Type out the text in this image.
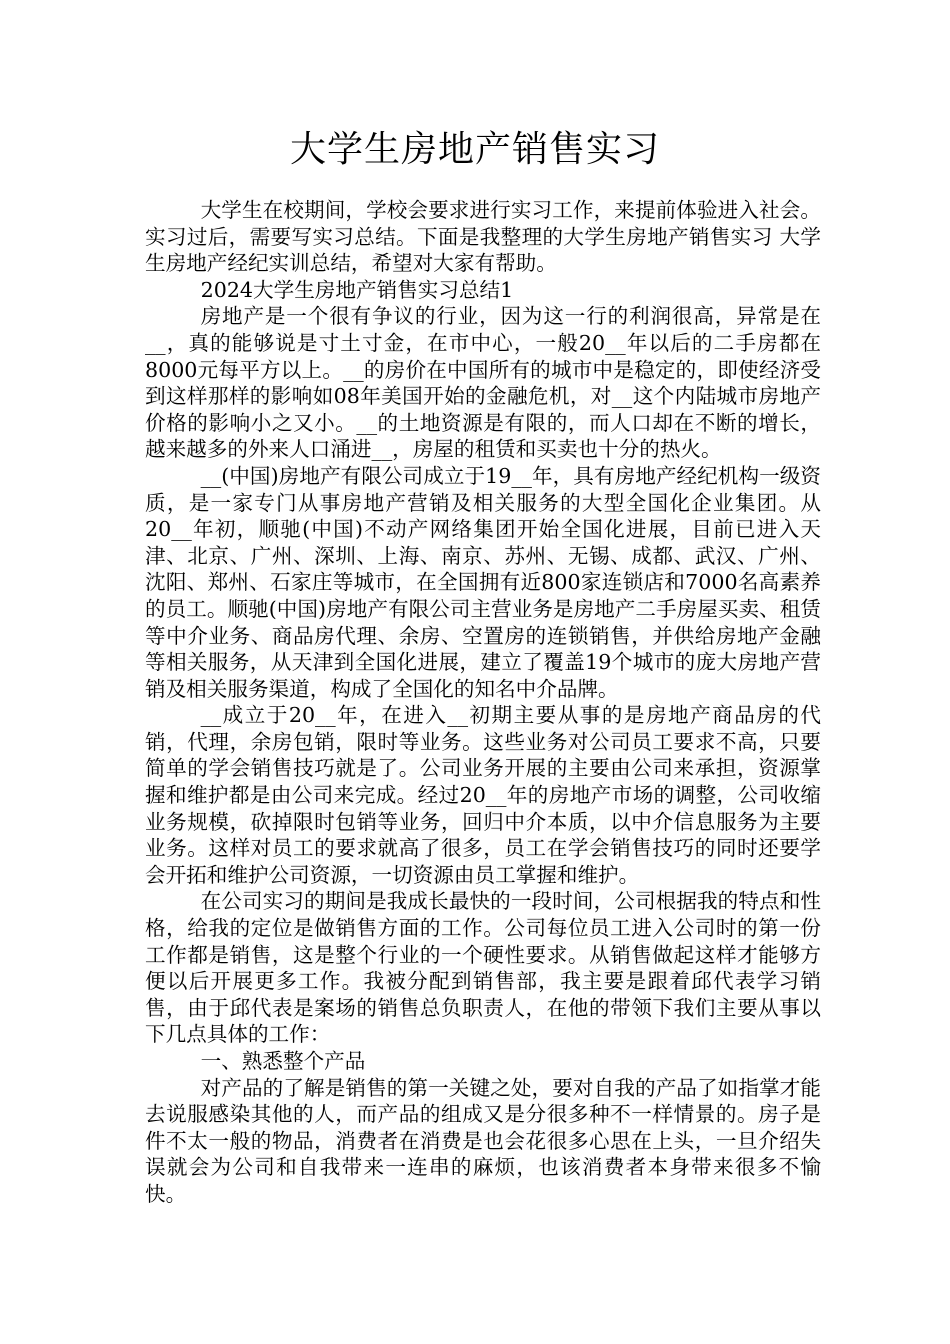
大学生房地产销售实习

大学生在校期间，学校会要求进行实习工作，来提前体验进入社会。实习过后，需要写实习总结。下面是我整理的大学生房地产销售实习 大学生房地产经纪实训总结，希望对大家有帮助。

2024大学生房地产销售实习总结1

房地产是一个很有争议的行业，因为这一行的利润很高，异常是在__，真的能够说是寸土寸金，在市中心，一般20__年以后的二手房都在8000元每平方以上。__的房价在中国所有的城市中是稳定的，即使经济受到这样那样的影响如08年美国开始的金融危机，对__这个内陆城市房地产价格的影响小之又小。__的土地资源是有限的，而人口却在不断的增长，越来越多的外来人口涌进__，房屋的租赁和买卖也十分的热火。

__(中国)房地产有限公司成立于19__年，具有房地产经纪机构一级资质，是一家专门从事房地产营销及相关服务的大型全国化企业集团。从20__年初，顺驰(中国)不动产网络集团开始全国化进展，目前已进入天津、北京、广州、深圳、上海、南京、苏州、无锡、成都、武汉、广州、沈阳、郑州、石家庄等城市，在全国拥有近800家连锁店和7000名高素养的员工。顺驰(中国)房地产有限公司主营业务是房地产二手房屋买卖、租赁等中介业务、商品房代理、余房、空置房的连锁销售，并供给房地产金融等相关服务，从天津到全国化进展，建立了覆盖19个城市的庞大房地产营销及相关服务渠道，构成了全国化的知名中介品牌。

__成立于20__年，在进入__初期主要从事的是房地产商品房的代销，代理，余房包销，限时等业务。这些业务对公司员工要求不高，只要简单的学会销售技巧就是了。公司业务开展的主要由公司来承担，资源掌握和维护都是由公司来完成。经过20__年的房地产市场的调整，公司收缩业务规模，砍掉限时包销等业务，回归中介本质，以中介信息服务为主要业务。这样对员工的要求就高了很多，员工在学会销售技巧的同时还要学会开拓和维护公司资源，一切资源由员工掌握和维护。

在公司实习的期间是我成长最快的一段时间，公司根据我的特点和性格，给我的定位是做销售方面的工作。公司每位员工进入公司时的第一份工作都是销售，这是整个行业的一个硬性要求。从销售做起这样才能够方便以后开展更多工作。我被分配到销售部，我主要是跟着邱代表学习销售，由于邱代表是案场的销售总负职责人，在他的带领下我们主要从事以下几点具体的工作：

一、熟悉整个产品

对产品的了解是销售的第一关键之处，要对自我的产品了如指掌才能去说服感染其他的人，而产品的组成又是分很多种不一样情景的。房子是件不太一般的物品，消费者在消费是也会花很多心思在上头，一旦介绍失误就会为公司和自我带来一连串的麻烦，也该消费者本身带来很多不愉快。
